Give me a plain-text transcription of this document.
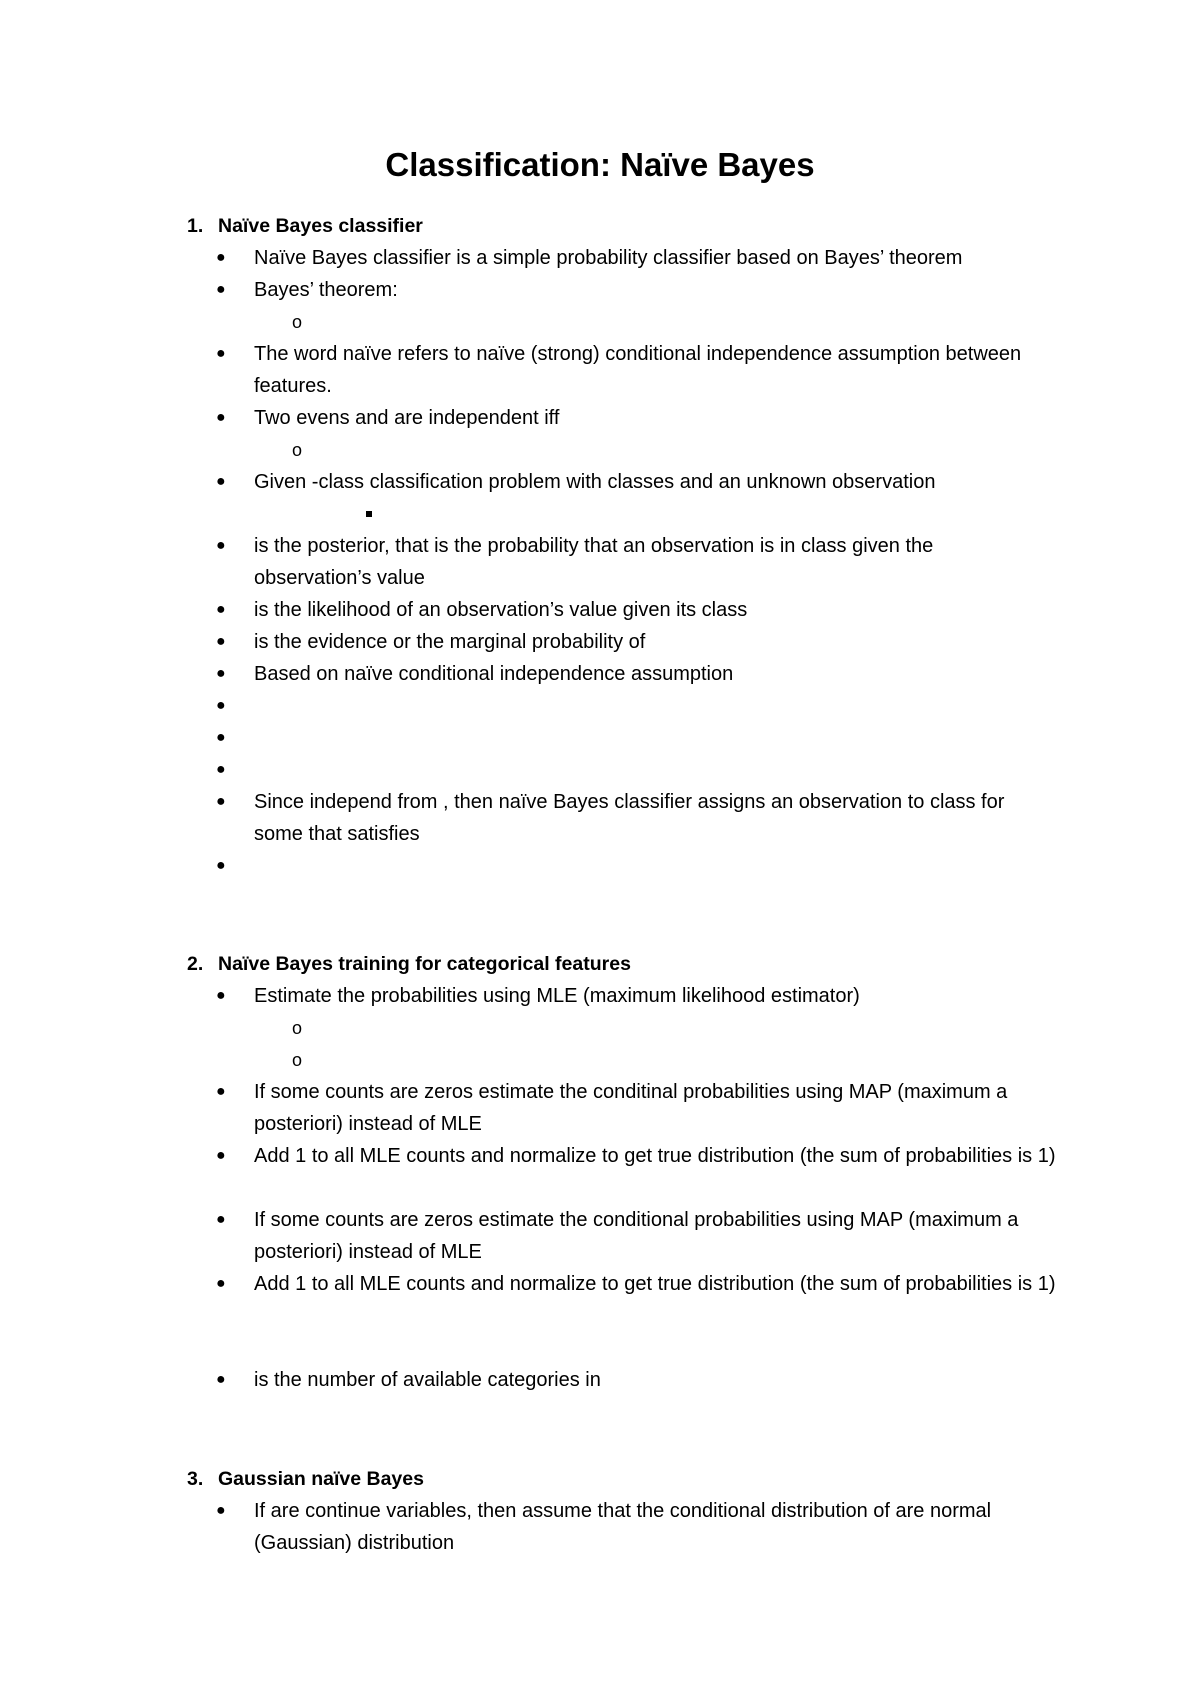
Classification: Naïve Bayes
1. Naïve Bayes classifier
●	Naïve Bayes classifier is a simple probability classifier based on Bayes’ theorem
●	Bayes’ theorem:
o
●	The word naïve refers to naïve (strong) conditional independence assumption between features.
●	Two evens and are independent iff
o
●	Given -class classification problem with classes and an unknown observation
●	is the posterior, that is the probability that an observation is in class given the observation’s value
●	is the likelihood of an observation’s value given its class
●	is the evidence or the marginal probability of
●	Based on naïve conditional independence assumption
●
●
●
●	Since independ from , then naïve Bayes classifier assigns an observation to class for some that satisfies
●
2. Naïve Bayes training for categorical features
●	Estimate the probabilities using MLE (maximum likelihood estimator)
o
o
●	If some counts are zeros estimate the conditinal probabilities using MAP (maximum a posteriori) instead of MLE
●	Add 1 to all MLE counts and normalize to get true distribution (the sum of probabilities is 1)
●	If some counts are zeros estimate the conditional probabilities using MAP (maximum a posteriori) instead of MLE
●	Add 1 to all MLE counts and normalize to get true distribution (the sum of probabilities is 1)
●	is the number of available categories in
3. Gaussian naïve Bayes
●	If are continue variables, then assume that the conditional distribution of are normal (Gaussian) distribution
